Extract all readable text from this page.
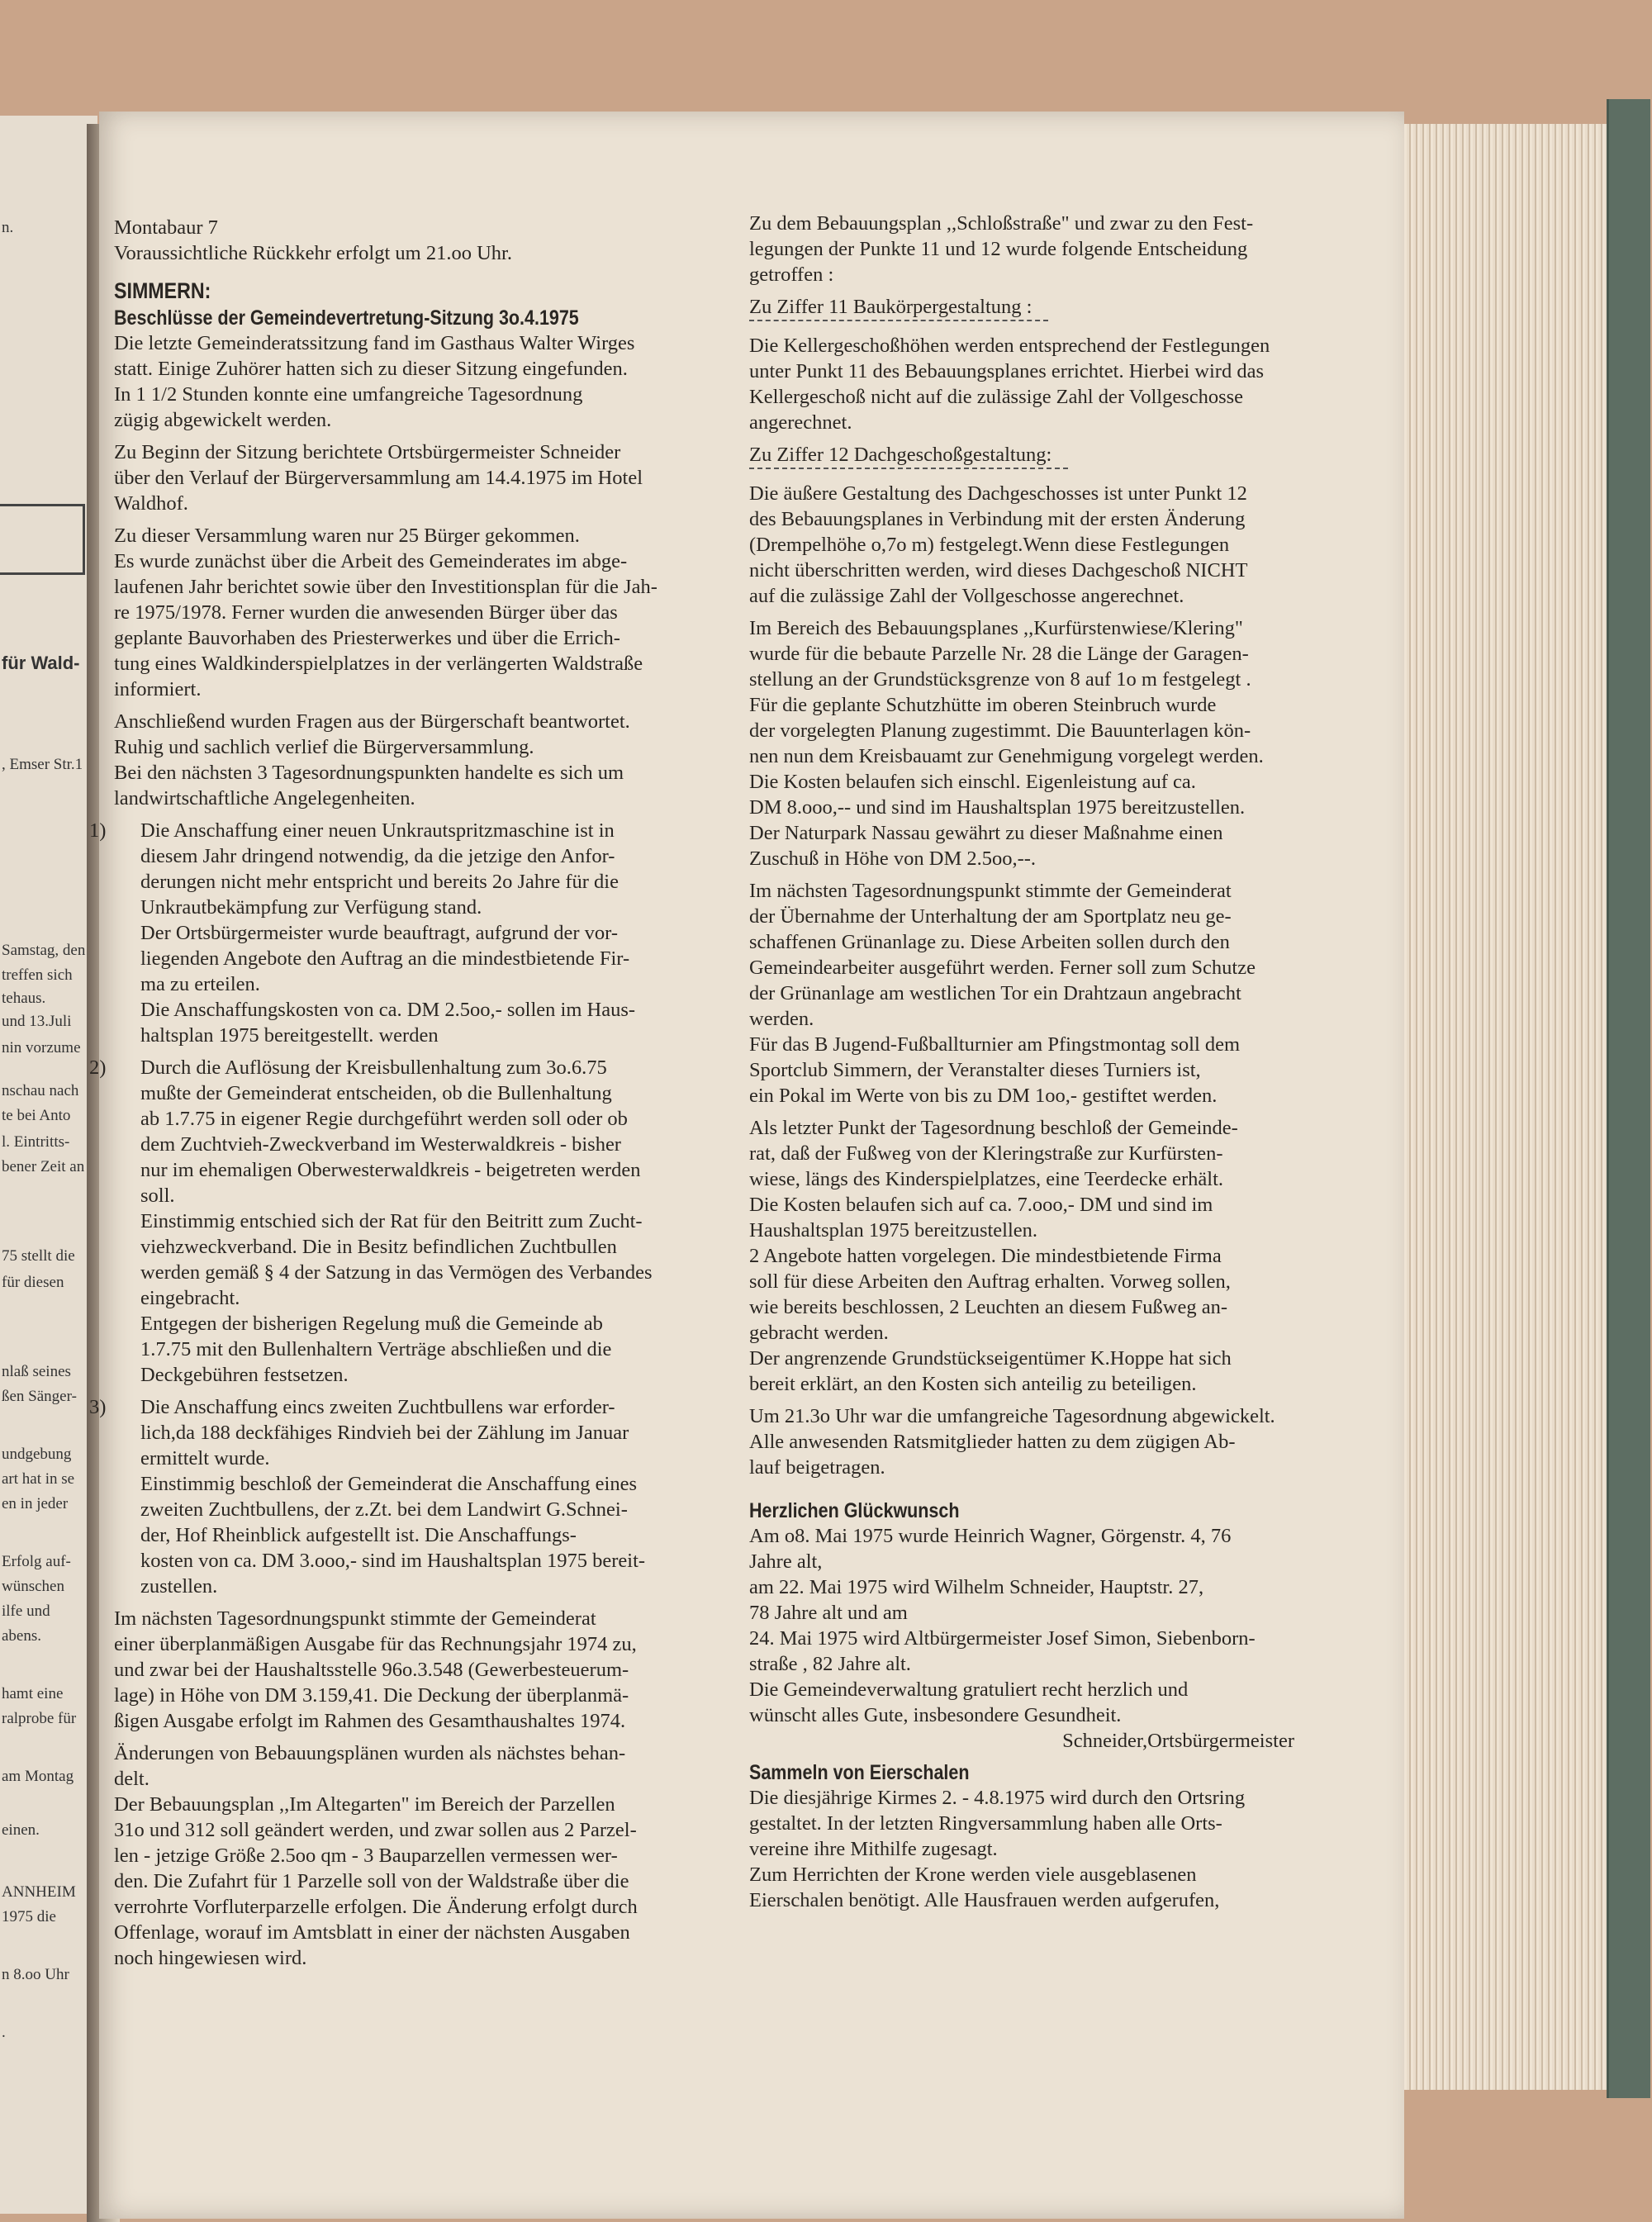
n.
für Wald-
, Emser Str.1
Samstag, den
treffen sich
tehaus.
und 13.Juli
nin vorzume
nschau nach
te bei Anto
l. Eintritts-
bener Zeit an
75 stellt die
für diesen
nlaß seines
ßen Sänger-
undgebung
art hat in se
en in jeder
Erfolg auf-
wünschen
ilfe und
abens.
hamt eine
ralprobe für
am Montag
einen.
ANNHEIM
1975 die
n 8.oo Uhr
.

Montabaur 7
Voraussichtliche Rückkehr erfolgt um 21.oo Uhr.

SIMMERN:
Beschlüsse der Gemeindevertretung-Sitzung 3o.4.1975

Die letzte Gemeinderatssitzung fand im Gasthaus Walter Wirges
statt. Einige Zuhörer hatten sich zu dieser Sitzung eingefunden.
In 1 1/2 Stunden konnte eine umfangreiche Tagesordnung
zügig abgewickelt werden.

Zu Beginn der Sitzung berichtete Ortsbürgermeister Schneider
über den Verlauf der Bürgerversammlung am 14.4.1975 im Hotel
Waldhof.

Zu dieser Versammlung waren nur 25 Bürger gekommen.
Es wurde zunächst über die Arbeit des Gemeinderates im abge-
laufenen Jahr berichtet sowie über den Investitionsplan für die Jah-
re 1975/1978. Ferner wurden die anwesenden Bürger über das
geplante Bauvorhaben des Priesterwerkes und über die Errich-
tung eines Waldkinderspielplatzes in der verlängerten Waldstraße
informiert.

Anschließend wurden Fragen aus der Bürgerschaft beantwortet.
Ruhig und sachlich verlief die Bürgerversammlung.
Bei den nächsten 3 Tagesordnungspunkten handelte es sich um
landwirtschaftliche Angelegenheiten.

1) Die Anschaffung einer neuen Unkrautspritzmaschine ist in
diesem Jahr dringend notwendig, da die jetzige den Anfor-
derungen nicht mehr entspricht und bereits 2o Jahre für die
Unkrautbekämpfung zur Verfügung stand.
Der Ortsbürgermeister wurde beauftragt, aufgrund der vor-
liegenden Angebote den Auftrag an die mindestbietende Fir-
ma zu erteilen.
Die Anschaffungskosten von ca. DM 2.5oo,- sollen im Haus-
haltsplan 1975 bereitgestellt. werden

2) Durch die Auflösung der Kreisbullenhaltung zum 3o.6.75
mußte der Gemeinderat entscheiden, ob die Bullenhaltung
ab 1.7.75 in eigener Regie durchgeführt werden soll oder ob
dem Zuchtvieh-Zweckverband im Westerwaldkreis - bisher
nur im ehemaligen Oberwesterwaldkreis - beigetreten werden
soll.
Einstimmig entschied sich der Rat für den Beitritt zum Zucht-
viehzweckverband. Die in Besitz befindlichen Zuchtbullen
werden gemäß § 4 der Satzung in das Vermögen des Verbandes
eingebracht.
Entgegen der bisherigen Regelung muß die Gemeinde ab
1.7.75 mit den Bullenhaltern Verträge abschließen und die
Deckgebühren festsetzen.

3) Die Anschaffung eincs zweiten Zuchtbullens war erforder-
lich,da 188 deckfähiges Rindvieh bei der Zählung im Januar
ermittelt wurde.
Einstimmig beschloß der Gemeinderat die Anschaffung eines
zweiten Zuchtbullens, der z.Zt. bei dem Landwirt G.Schnei-
der, Hof Rheinblick aufgestellt ist. Die Anschaffungs-
kosten von ca. DM 3.ooo,- sind im Haushaltsplan 1975 bereit-
zustellen.

Im nächsten Tagesordnungspunkt stimmte der Gemeinderat
einer überplanmäßigen Ausgabe für das Rechnungsjahr 1974 zu,
und zwar bei der Haushaltsstelle 96o.3.548 (Gewerbesteuerum-
lage) in Höhe von DM 3.159,41. Die Deckung der überplanmä-
ßigen Ausgabe erfolgt im Rahmen des Gesamthaushaltes 1974.

Änderungen von Bebauungsplänen wurden als nächstes behan-
delt.
Der Bebauungsplan ,,Im Altegarten" im Bereich der Parzellen
31o und 312 soll geändert werden, und zwar sollen aus 2 Parzel-
len - jetzige Größe 2.5oo qm - 3 Bauparzellen vermessen wer-
den. Die Zufahrt für 1 Parzelle soll von der Waldstraße über die
verrohrte Vorfluterparzelle erfolgen. Die Änderung erfolgt durch
Offenlage, worauf im Amtsblatt in einer der nächsten Ausgaben
noch hingewiesen wird.

Zu dem Bebauungsplan ,,Schloßstraße" und zwar zu den Fest-
legungen der Punkte 11 und 12 wurde folgende Entscheidung
getroffen :

Zu Ziffer 11 Baukörpergestaltung :
Die Kellergeschoßhöhen werden entsprechend der Festlegungen
unter Punkt 11 des Bebauungsplanes errichtet. Hierbei wird das
Kellergeschoß nicht auf die zulässige Zahl der Vollgeschosse
angerechnet.

Zu Ziffer 12 Dachgeschoßgestaltung:
Die äußere Gestaltung des Dachgeschosses ist unter Punkt 12
des Bebauungsplanes in Verbindung mit der ersten Änderung
(Drempelhöhe o,7o m) festgelegt.Wenn diese Festlegungen
nicht überschritten werden, wird dieses Dachgeschoß NICHT
auf die zulässige Zahl der Vollgeschosse angerechnet.

Im Bereich des Bebauungsplanes ,,Kurfürstenwiese/Klering"
wurde für die bebaute Parzelle Nr. 28 die Länge der Garagen-
stellung an der Grundstücksgrenze von 8 auf 1o m festgelegt .
Für die geplante Schutzhütte im oberen Steinbruch wurde
der vorgelegten Planung zugestimmt. Die Bauunterlagen kön-
nen nun dem Kreisbauamt zur Genehmigung vorgelegt werden.
Die Kosten belaufen sich einschl. Eigenleistung auf ca.
DM 8.ooo,-- und sind im Haushaltsplan 1975 bereitzustellen.
Der Naturpark Nassau gewährt zu dieser Maßnahme einen
Zuschuß in Höhe von DM 2.5oo,--.

Im nächsten Tagesordnungspunkt stimmte der Gemeinderat
der Übernahme der Unterhaltung der am Sportplatz neu ge-
schaffenen Grünanlage zu. Diese Arbeiten sollen durch den
Gemeindearbeiter ausgeführt werden. Ferner soll zum Schutze
der Grünanlage am westlichen Tor ein Drahtzaun angebracht
werden.
Für das B Jugend-Fußballturnier am Pfingstmontag soll dem
Sportclub Simmern, der Veranstalter dieses Turniers ist,
ein Pokal im Werte von bis zu DM 1oo,- gestiftet werden.

Als letzter Punkt der Tagesordnung beschloß der Gemeinde-
rat, daß der Fußweg von der Kleringstraße zur Kurfürsten-
wiese, längs des Kinderspielplatzes, eine Teerdecke erhält.
Die Kosten belaufen sich auf ca. 7.ooo,- DM und sind im
Haushaltsplan 1975 bereitzustellen.
2 Angebote hatten vorgelegen. Die mindestbietende Firma
soll für diese Arbeiten den Auftrag erhalten. Vorweg sollen,
wie bereits beschlossen, 2 Leuchten an diesem Fußweg an-
gebracht werden.
Der angrenzende Grundstückseigentümer K.Hoppe hat sich
bereit erklärt, an den Kosten sich anteilig zu beteiligen.

Um 21.3o Uhr war die umfangreiche Tagesordnung abgewickelt.
Alle anwesenden Ratsmitglieder hatten zu dem zügigen Ab-
lauf beigetragen.

Herzlichen Glückwunsch

Am o8. Mai 1975 wurde Heinrich Wagner, Görgenstr. 4, 76
Jahre alt,
am 22. Mai 1975 wird Wilhelm Schneider, Hauptstr. 27,
78 Jahre alt und am
24. Mai 1975 wird Altbürgermeister Josef Simon, Siebenborn-
straße , 82 Jahre alt.
Die Gemeindeverwaltung gratuliert recht herzlich und
wünscht alles Gute, insbesondere Gesundheit.

Schneider,Ortsbürgermeister

Sammeln von Eierschalen

Die diesjährige Kirmes 2. - 4.8.1975 wird durch den Ortsring
gestaltet. In der letzten Ringversammlung haben alle Orts-
vereine ihre Mithilfe zugesagt.
Zum Herrichten der Krone werden viele ausgeblasenen
Eierschalen benötigt. Alle Hausfrauen werden aufgerufen,
